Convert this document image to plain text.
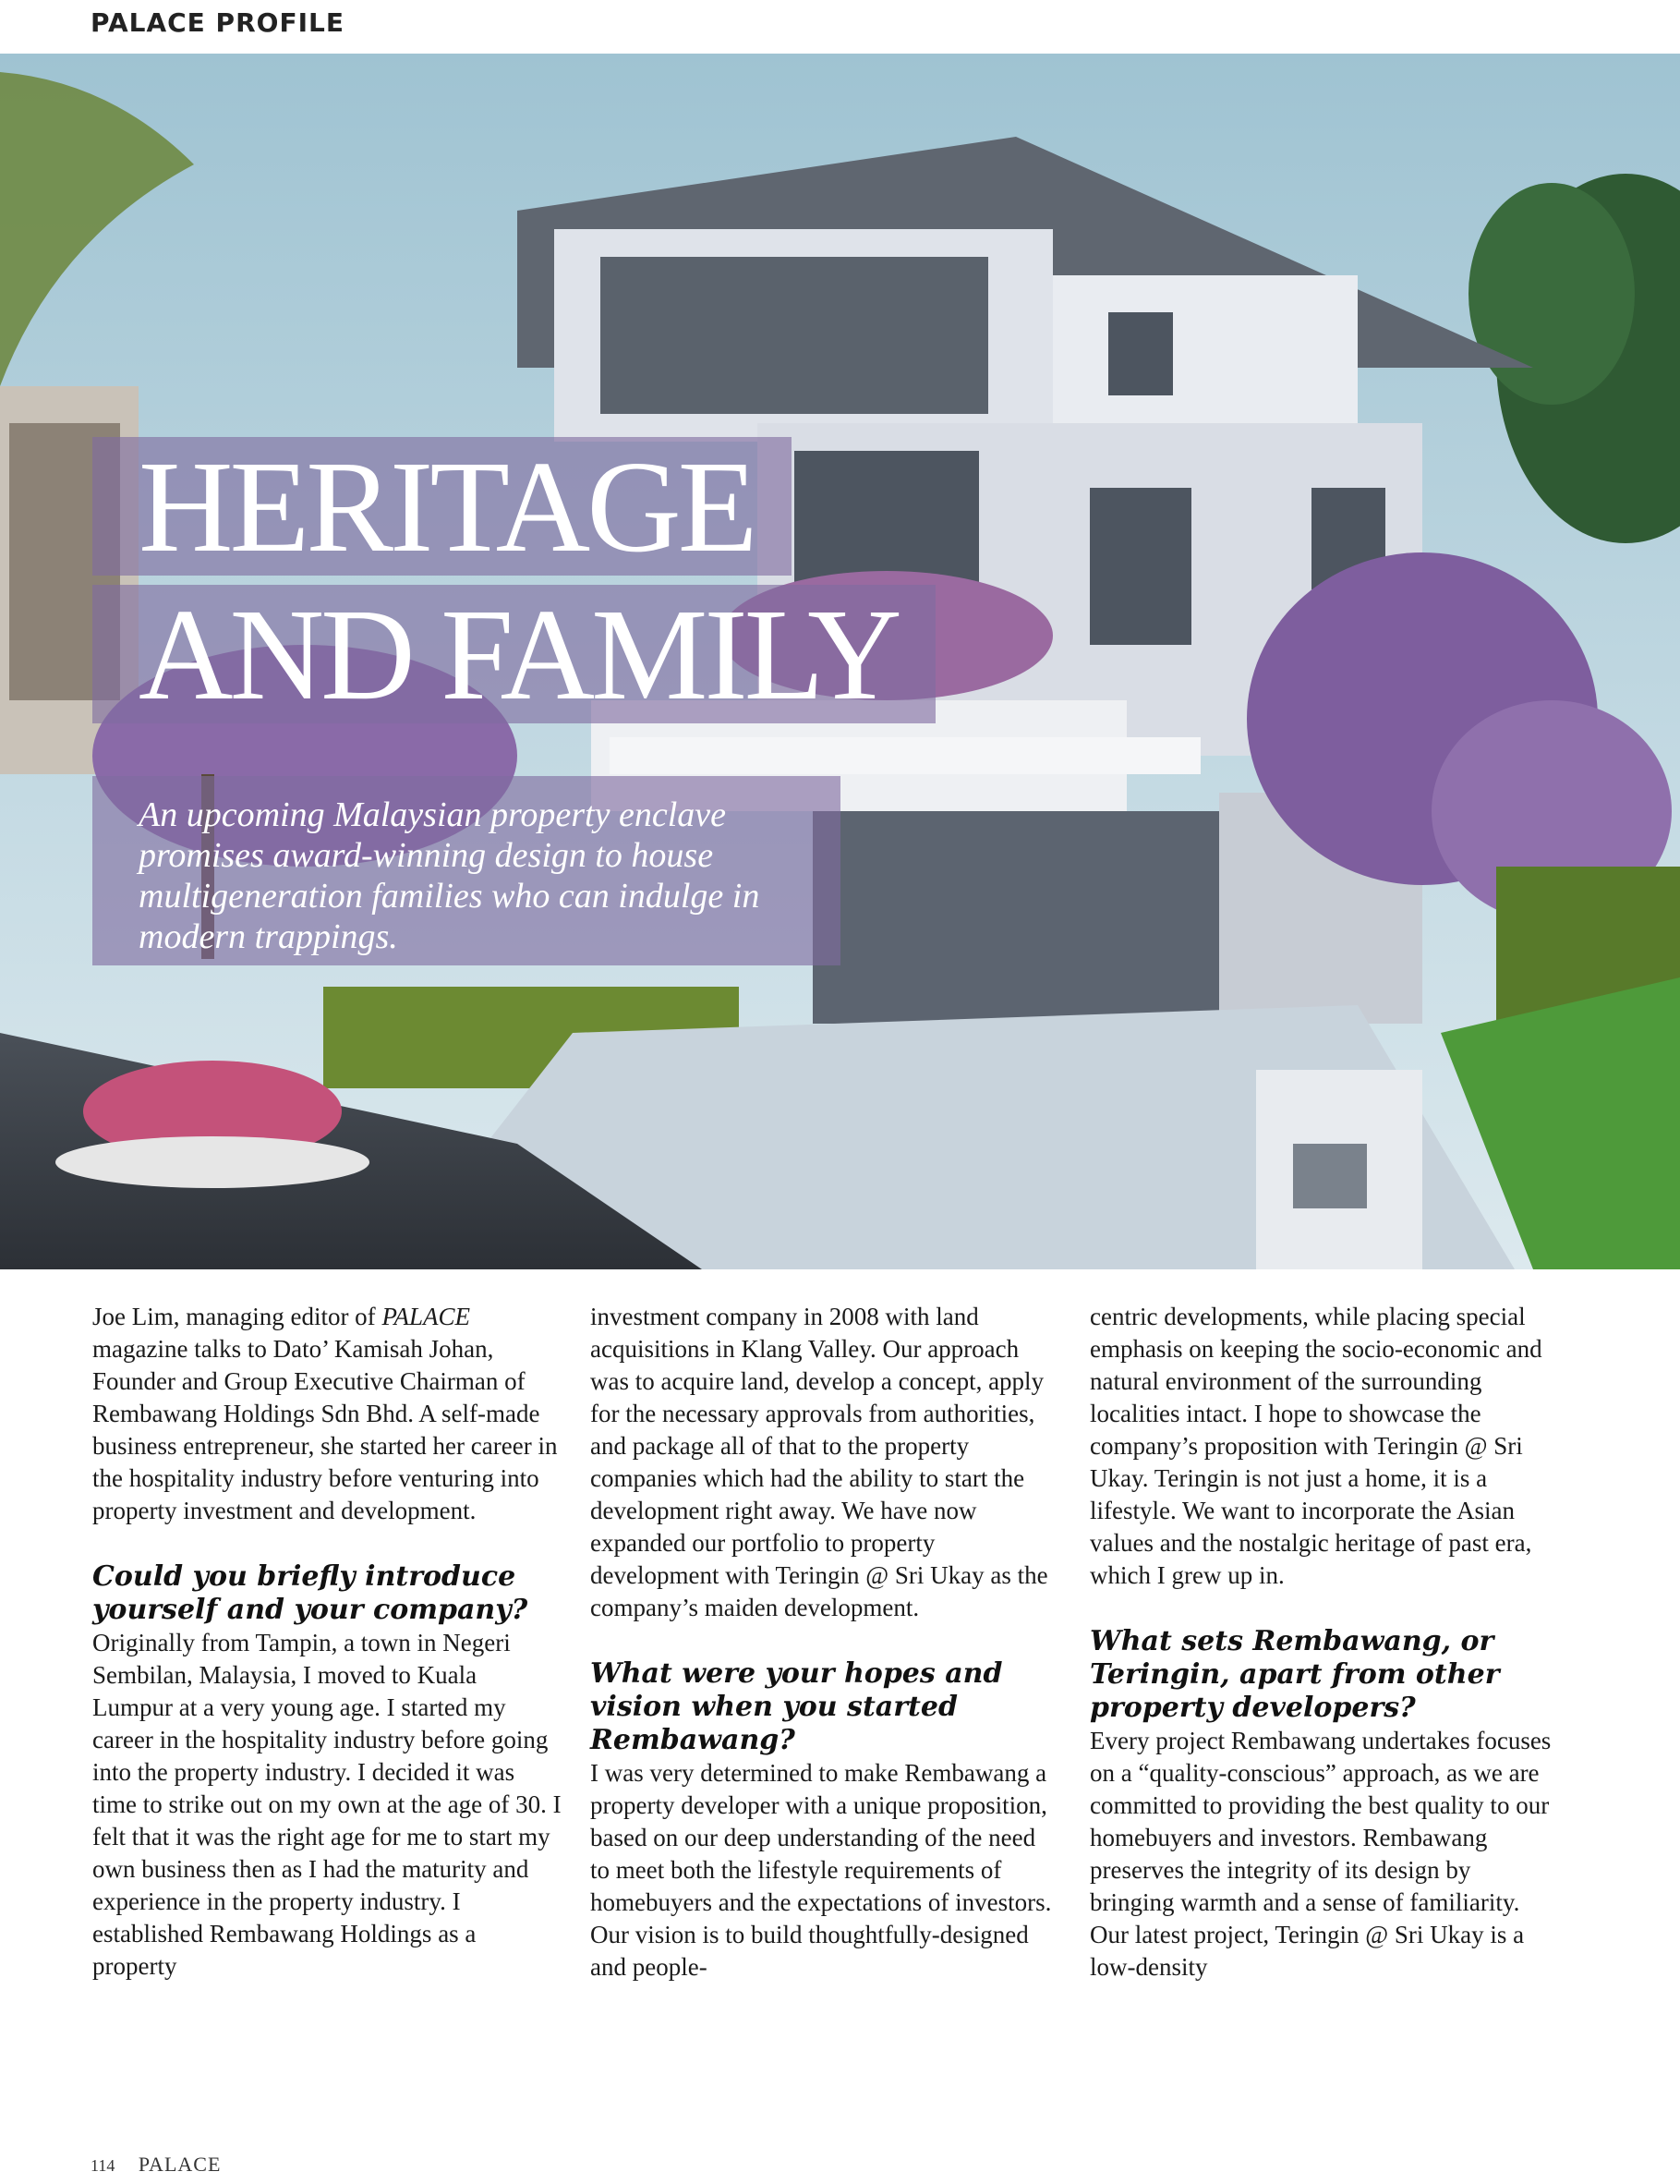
PALACE PROFILE
HERITAGE
AND FAMILY

An upcoming Malaysian property enclave promises award-winning design to house multigeneration families who can indulge in modern trappings.

Joe Lim, managing editor of PALACE magazine talks to Dato’ Kamisah Johan, Founder and Group Executive Chairman of Rembawang Holdings Sdn Bhd. A self-made business entrepreneur, she started her career in the hospitality industry before venturing into property investment and development.

Could you briefly introduce yourself and your company?

Originally from Tampin, a town in Negeri Sembilan, Malaysia, I moved to Kuala Lumpur at a very young age. I started my career in the hospitality industry before going into the property industry. I decided it was time to strike out on my own at the age of 30. I felt that it was the right age for me to start my own business then as I had the maturity and experience in the property industry. I established Rembawang Holdings as a property

investment company in 2008 with land acquisitions in Klang Valley. Our approach was to acquire land, develop a concept, apply for the necessary approvals from authorities, and package all of that to the property companies which had the ability to start the development right away. We have now expanded our portfolio to property development with Teringin @ Sri Ukay as the company’s maiden development.

What were your hopes and vision when you started Rembawang?

I was very determined to make Rembawang a property developer with a unique proposition, based on our deep understanding of the need to meet both the lifestyle requirements of homebuyers and the expectations of investors. Our vision is to build thoughtfully-designed and people-

centric developments, while placing special emphasis on keeping the socio-economic and natural environment of the surrounding localities intact. I hope to showcase the company’s proposition with Teringin @ Sri Ukay. Teringin is not just a home, it is a lifestyle. We want to incorporate the Asian values and the nostalgic heritage of past era, which I grew up in.

What sets Rembawang, or Teringin, apart from other property developers?

Every project Rembawang undertakes focuses on a “quality-conscious” approach, as we are committed to providing the best quality to our homebuyers and investors. Rembawang preserves the integrity of its design by bringing warmth and a sense of familiarity. Our latest project, Teringin @ Sri Ukay is a low-density

114 PALACE
